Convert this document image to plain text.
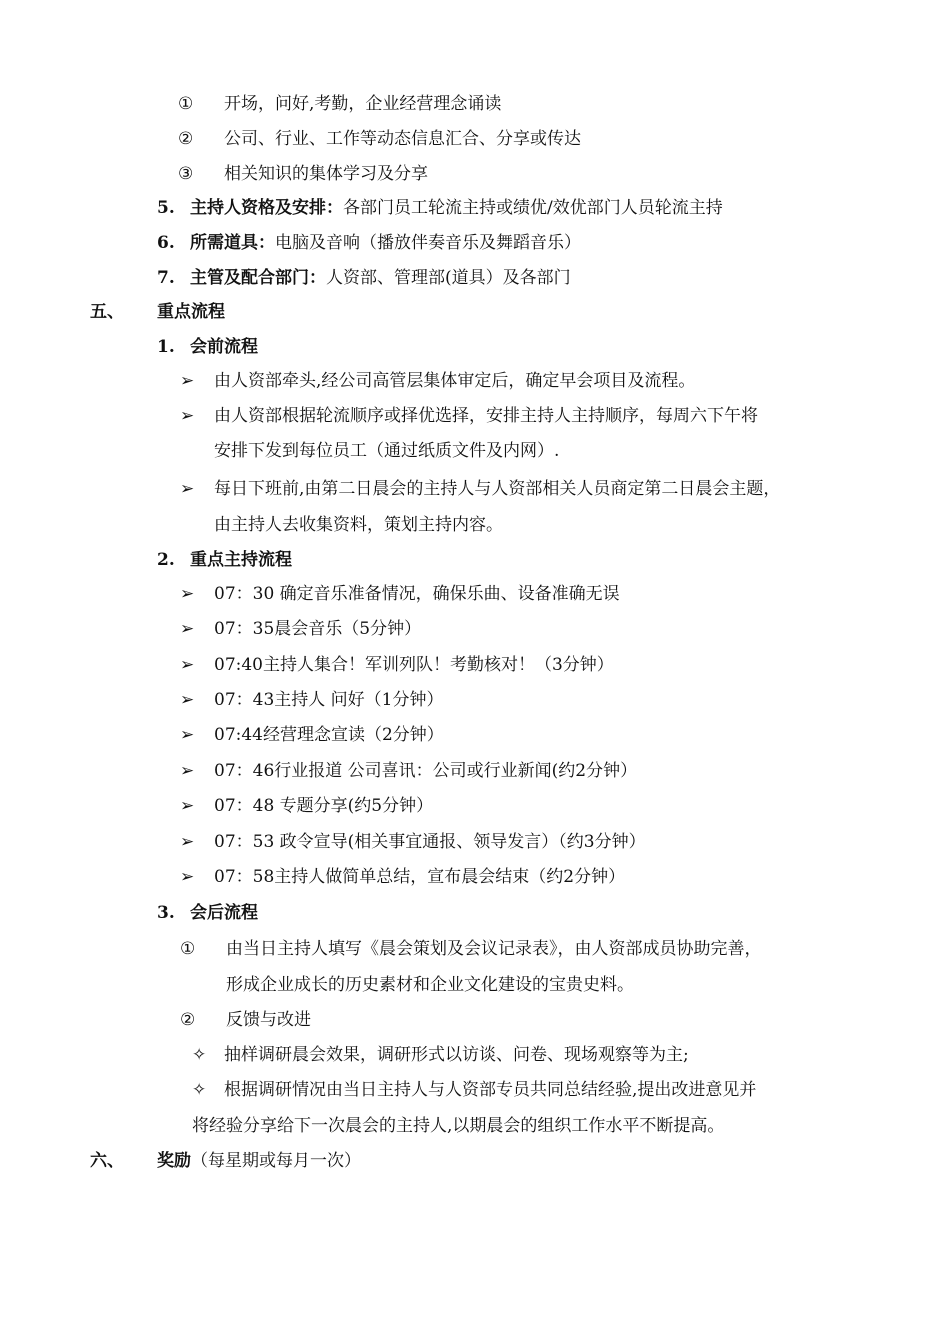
① 开场，问好,考勤，企业经营理念诵读
② 公司、行业、工作等动态信息汇合、分享或传达
③ 相关知识的集体学习及分享
5. 主持人资格及安排：各部门员工轮流主持或绩优/效优部门人员轮流主持
6. 所需道具：电脑及音响（播放伴奏音乐及舞蹈音乐）
7. 主管及配合部门：人资部、管理部(道具）及各部门
五、 重点流程
1. 会前流程
➢ 由人资部牵头,经公司高管层集体审定后，确定早会项目及流程。
➢ 由人资部根据轮流顺序或择优选择，安排主持人主持顺序，每周六下午将
安排下发到每位员工（通过纸质文件及内网）.
➢ 每日下班前,由第二日晨会的主持人与人资部相关人员商定第二日晨会主题，
由主持人去收集资料，策划主持内容。
2. 重点主持流程
➢ 07：30 确定音乐准备情况，确保乐曲、设备准确无误
➢ 07：35晨会音乐（5分钟）
➢ 07:40主持人集合！军训列队！考勤核对！（3分钟）
➢ 07：43主持人 问好（1分钟）
➢ 07:44经营理念宣读（2分钟）
➢ 07：46行业报道 公司喜讯：公司或行业新闻(约2分钟）
➢ 07：48 专题分享(约5分钟）
➢ 07：53 政令宣导(相关事宜通报、领导发言）（约3分钟）
➢ 07：58主持人做简单总结，宣布晨会结束（约2分钟）
3. 会后流程
① 由当日主持人填写《晨会策划及会议记录表》，由人资部成员协助完善，
形成企业成长的历史素材和企业文化建设的宝贵史料。
② 反馈与改进
✧ 抽样调研晨会效果，调研形式以访谈、问卷、现场观察等为主;
✧ 根据调研情况由当日主持人与人资部专员共同总结经验,提出改进意见并
将经验分享给下一次晨会的主持人,以期晨会的组织工作水平不断提高。
六、 奖励（每星期或每月一次）
